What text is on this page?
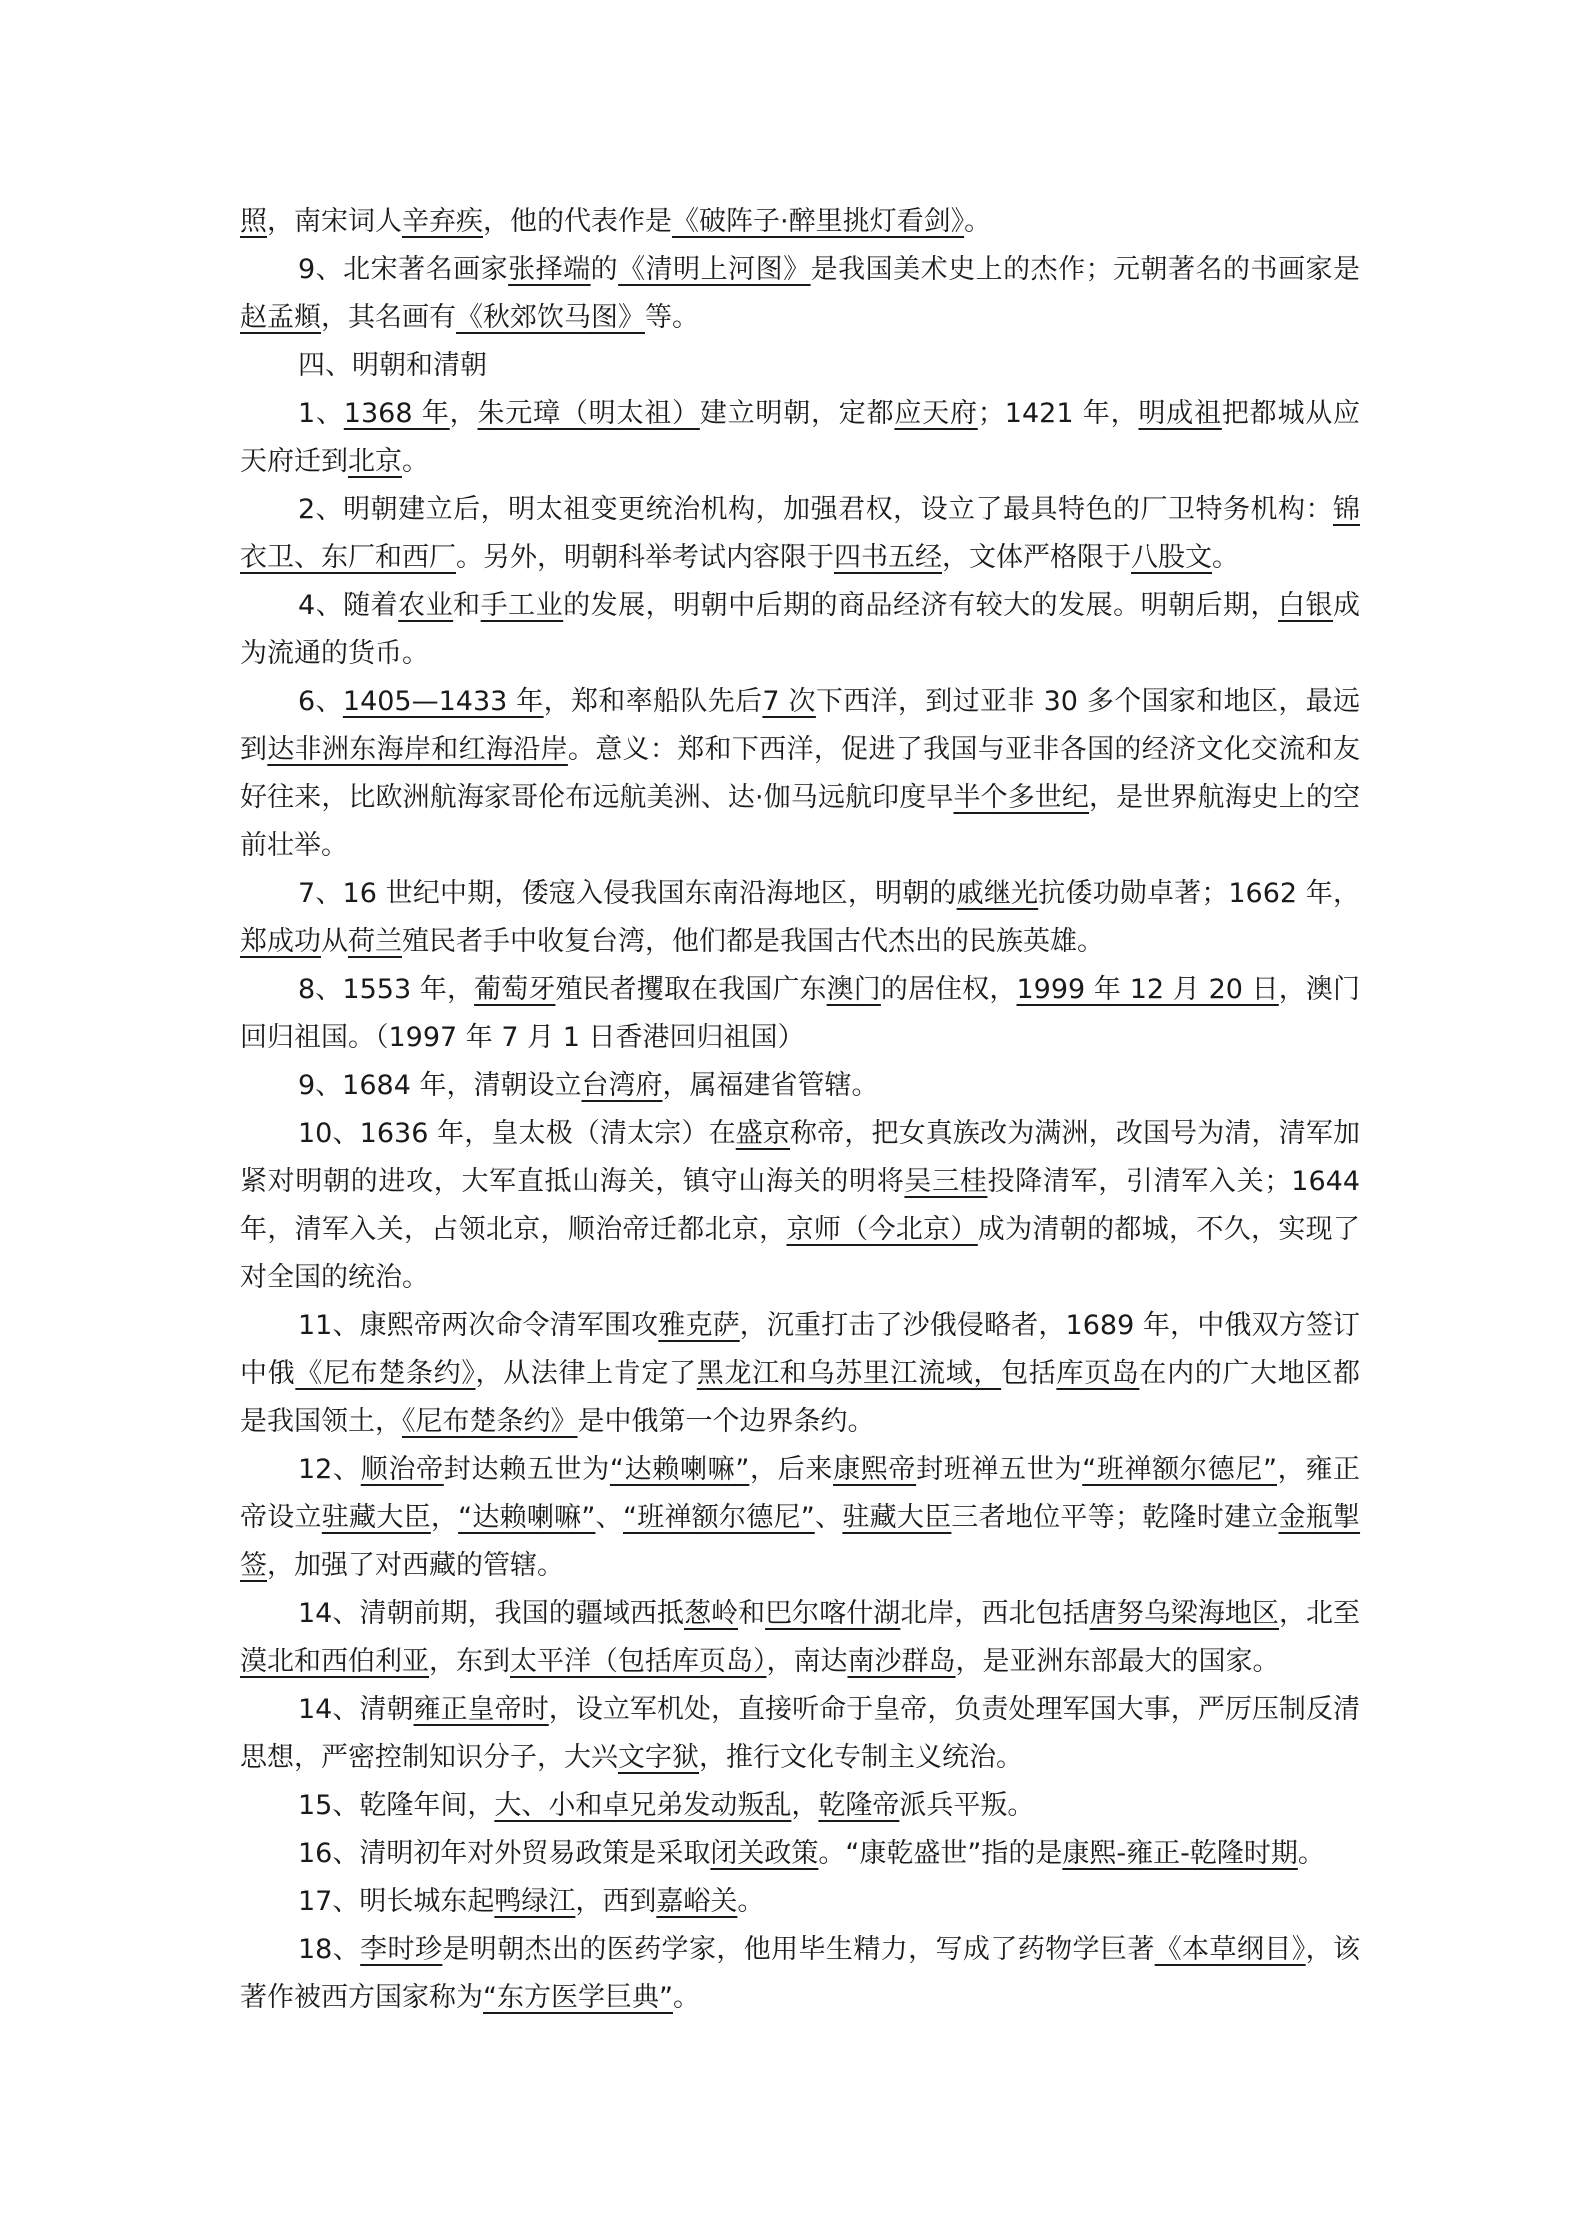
照，南宋词人辛弃疾，他的代表作是《破阵子·醉里挑灯看剑》。

9、北宋著名画家张择端的《清明上河图》是我国美术史上的杰作；元朝著名的书画家是赵孟頫，其名画有《秋郊饮马图》等。

四、明朝和清朝

1、1368 年，朱元璋（明太祖）建立明朝，定都应天府；1421 年，明成祖把都城从应天府迁到北京。

2、明朝建立后，明太祖变更统治机构，加强君权，设立了最具特色的厂卫特务机构：锦衣卫、东厂和西厂。另外，明朝科举考试内容限于四书五经，文体严格限于八股文。

4、随着农业和手工业的发展，明朝中后期的商品经济有较大的发展。明朝后期，白银成为流通的货币。

6、1405—1433 年，郑和率船队先后7 次下西洋，到过亚非 30 多个国家和地区，最远到达非洲东海岸和红海沿岸。意义：郑和下西洋，促进了我国与亚非各国的经济文化交流和友好往来，比欧洲航海家哥伦布远航美洲、达·伽马远航印度早半个多世纪，是世界航海史上的空前壮举。

7、16 世纪中期，倭寇入侵我国东南沿海地区，明朝的戚继光抗倭功勋卓著；1662 年，郑成功从荷兰殖民者手中收复台湾，他们都是我国古代杰出的民族英雄。

8、1553 年，葡萄牙殖民者攫取在我国广东澳门的居住权，1999 年 12 月 20 日，澳门回归祖国。（1997 年 7 月 1 日香港回归祖国）

9、1684 年，清朝设立台湾府，属福建省管辖。

10、1636 年，皇太极（清太宗）在盛京称帝，把女真族改为满洲，改国号为清，清军加紧对明朝的进攻，大军直抵山海关，镇守山海关的明将吴三桂投降清军，引清军入关；1644 年，清军入关，占领北京，顺治帝迁都北京，京师（今北京）成为清朝的都城，不久，实现了对全国的统治。

11、康熙帝两次命令清军围攻雅克萨，沉重打击了沙俄侵略者，1689 年，中俄双方签订中俄《尼布楚条约》，从法律上肯定了黑龙江和乌苏里江流域，包括库页岛在内的广大地区都是我国领土，《尼布楚条约》是中俄第一个边界条约。

12、顺治帝封达赖五世为“达赖喇嘛”，后来康熙帝封班禅五世为“班禅额尔德尼”，雍正帝设立驻藏大臣，“达赖喇嘛”、“班禅额尔德尼”、驻藏大臣三者地位平等；乾隆时建立金瓶掣签，加强了对西藏的管辖。

14、清朝前期，我国的疆域西抵葱岭和巴尔喀什湖北岸，西北包括唐努乌梁海地区，北至漠北和西伯利亚，东到太平洋（包括库页岛），南达南沙群岛，是亚洲东部最大的国家。

14、清朝雍正皇帝时，设立军机处，直接听命于皇帝，负责处理军国大事，严厉压制反清思想，严密控制知识分子，大兴文字狱，推行文化专制主义统治。

15、乾隆年间，大、小和卓兄弟发动叛乱，乾隆帝派兵平叛。

16、清明初年对外贸易政策是采取闭关政策。“康乾盛世”指的是康熙-雍正-乾隆时期。

17、明长城东起鸭绿江，西到嘉峪关。

18、李时珍是明朝杰出的医药学家，他用毕生精力，写成了药物学巨著《本草纲目》，该著作被西方国家称为“东方医学巨典”。
